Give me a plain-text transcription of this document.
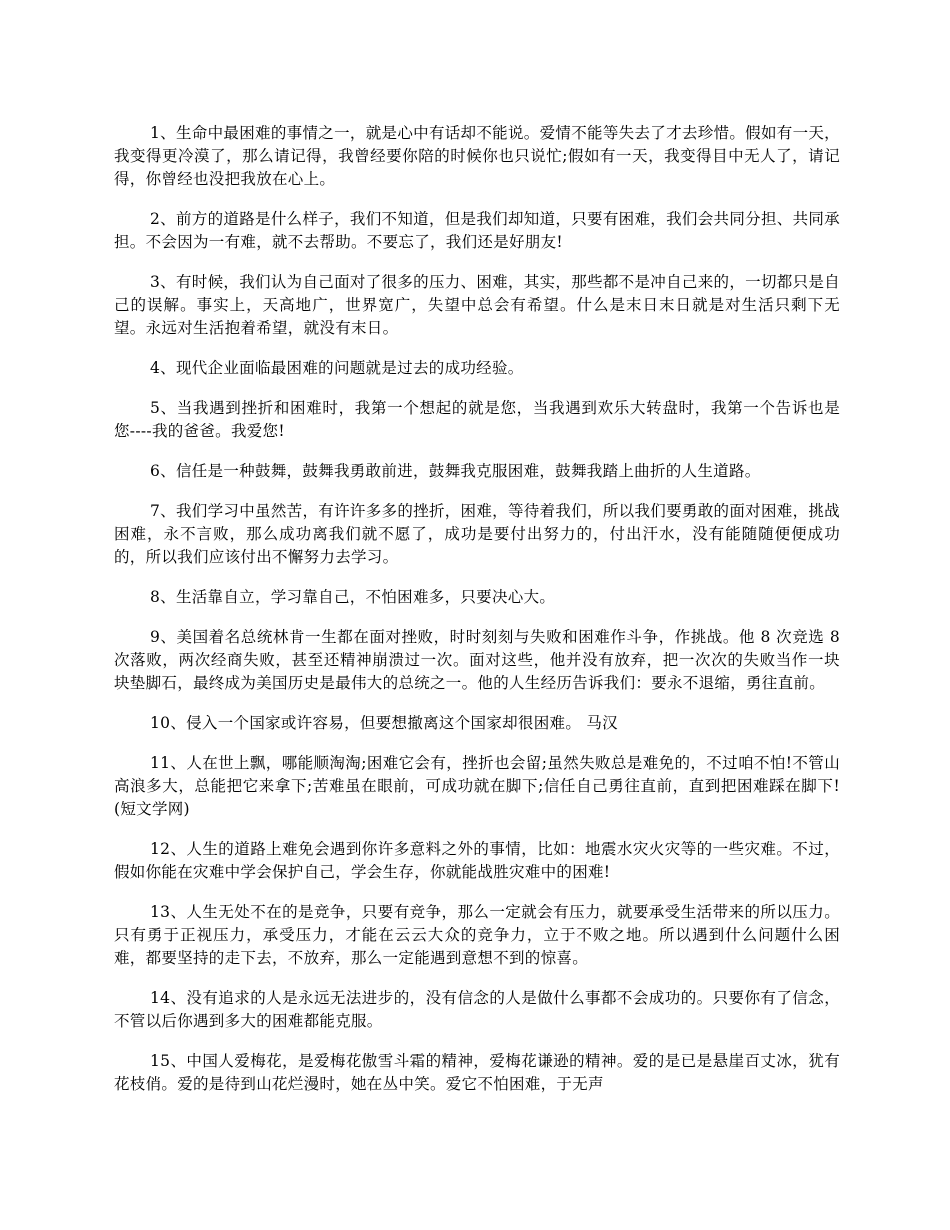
1、生命中最困难的事情之一，就是心中有话却不能说。爱情不能等失去了才去珍惜。假如有一天，我变得更冷漠了，那么请记得，我曾经要你陪的时候你也只说忙;假如有一天，我变得目中无人了，请记得，你曾经也没把我放在心上。

2、前方的道路是什么样子，我们不知道，但是我们却知道，只要有困难，我们会共同分担、共同承担。不会因为一有难，就不去帮助。不要忘了，我们还是好朋友!

3、有时候，我们认为自己面对了很多的压力、困难，其实，那些都不是冲自己来的，一切都只是自己的误解。事实上，天高地广，世界宽广，失望中总会有希望。什么是末日末日就是对生活只剩下无望。永远对生活抱着希望，就没有末日。

4、现代企业面临最困难的问题就是过去的成功经验。

5、当我遇到挫折和困难时，我第一个想起的就是您，当我遇到欢乐大转盘时，我第一个告诉也是您----我的爸爸。我爱您!

6、信任是一种鼓舞，鼓舞我勇敢前进，鼓舞我克服困难，鼓舞我踏上曲折的人生道路。

7、我们学习中虽然苦，有许许多多的挫折，困难，等待着我们，所以我们要勇敢的面对困难，挑战困难，永不言败，那么成功离我们就不愿了，成功是要付出努力的，付出汗水，没有能随随便便成功的，所以我们应该付出不懈努力去学习。

8、生活靠自立，学习靠自己，不怕困难多，只要决心大。

9、美国着名总统林肯一生都在面对挫败，时时刻刻与失败和困难作斗争，作挑战。他 8 次竞选 8 次落败，两次经商失败，甚至还精神崩溃过一次。面对这些，他并没有放弃，把一次次的失败当作一块块垫脚石，最终成为美国历史是最伟大的总统之一。他的人生经历告诉我们：要永不退缩，勇往直前。

10、侵入一个国家或许容易，但要想撤离这个国家却很困难。 马汉

11、人在世上飘，哪能顺淘淘;困难它会有，挫折也会留;虽然失败总是难免的，不过咱不怕!不管山高浪多大，总能把它来拿下;苦难虽在眼前，可成功就在脚下;信任自己勇往直前，直到把困难踩在脚下!(短文学网)

12、人生的道路上难免会遇到你许多意料之外的事情，比如：地震水灾火灾等的一些灾难。不过，假如你能在灾难中学会保护自己，学会生存，你就能战胜灾难中的困难!

13、人生无处不在的是竞争，只要有竞争，那么一定就会有压力，就要承受生活带来的所以压力。只有勇于正视压力，承受压力，才能在云云大众的竞争力，立于不败之地。所以遇到什么问题什么困难，都要坚持的走下去，不放弃，那么一定能遇到意想不到的惊喜。

14、没有追求的人是永远无法进步的，没有信念的人是做什么事都不会成功的。只要你有了信念，不管以后你遇到多大的困难都能克服。

15、中国人爱梅花，是爱梅花傲雪斗霜的精神，爱梅花谦逊的精神。爱的是已是悬崖百丈冰，犹有花枝俏。爱的是待到山花烂漫时，她在丛中笑。爱它不怕困难，于无声
